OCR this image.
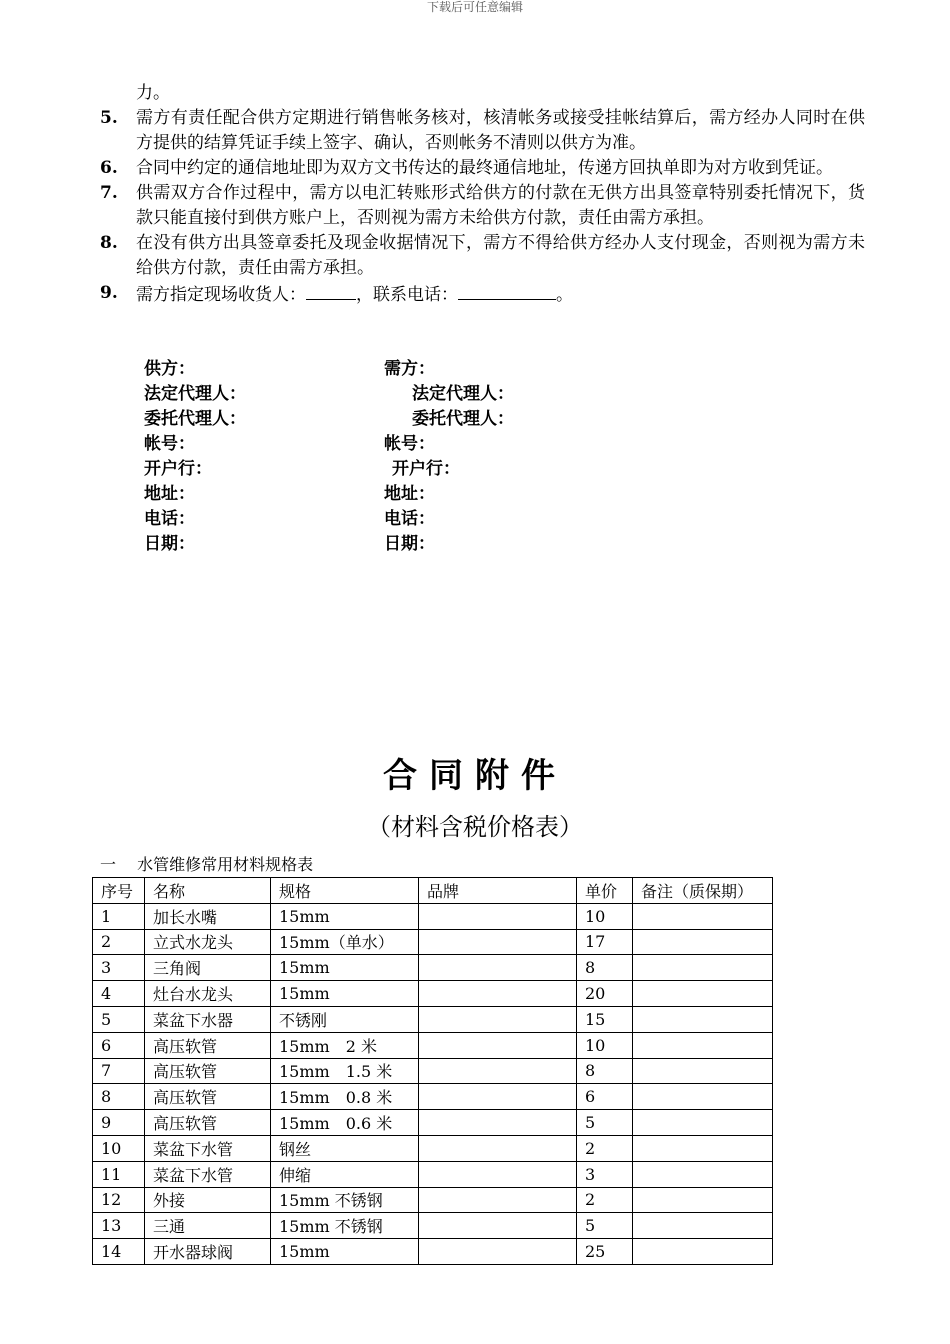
下载后可任意编辑
力。
5.	需方有责任配合供方定期进行销售帐务核对，核清帐务或接受挂帐结算后，需方经办人同时在供方提供的结算凭证手续上签字、确认，否则帐务不清则以供方为准。
6.	合同中约定的通信地址即为双方文书传达的最终通信地址，传递方回执单即为对方收到凭证。
7.	供需双方合作过程中，需方以电汇转账形式给供方的付款在无供方出具签章特别委托情况下，货款只能直接付到供方账户上，否则视为需方未给供方付款，责任由需方承担。
8.	在没有供方出具签章委托及现金收据情况下，需方不得给供方经办人支付现金，否则视为需方未给供方付款，责任由需方承担。
9.	需方指定现场收货人：	，联系电话：	。
供方：	需方：
法定代理人：	法定代理人：
委托代理人：	委托代理人：
帐号：	帐号：
开户行：	开户行：
地址：	地址：
电话：	电话：
日期：	日期：
合同附件
（材料含税价格表）
一　 水管维修常用材料规格表
序号	名称	规格	品牌	单价	备注（质保期）
1	加长水嘴	15mm		10	
2	立式水龙头	15mm（单水）		17	
3	三角阀	15mm		8	
4	灶台水龙头	15mm		20	
5	菜盆下水器	不锈刚		15	
6	高压软管	15mm　2 米		10	
7	高压软管	15mm　1.5 米		8	
8	高压软管	15mm　0.8 米		6	
9	高压软管	15mm　0.6 米		5	
10	菜盆下水管	钢丝		2	
11	菜盆下水管	伸缩		3	
12	外接	15mm 不锈钢		2	
13	三通	15mm 不锈钢		5	
14	开水器球阀	15mm		25	
